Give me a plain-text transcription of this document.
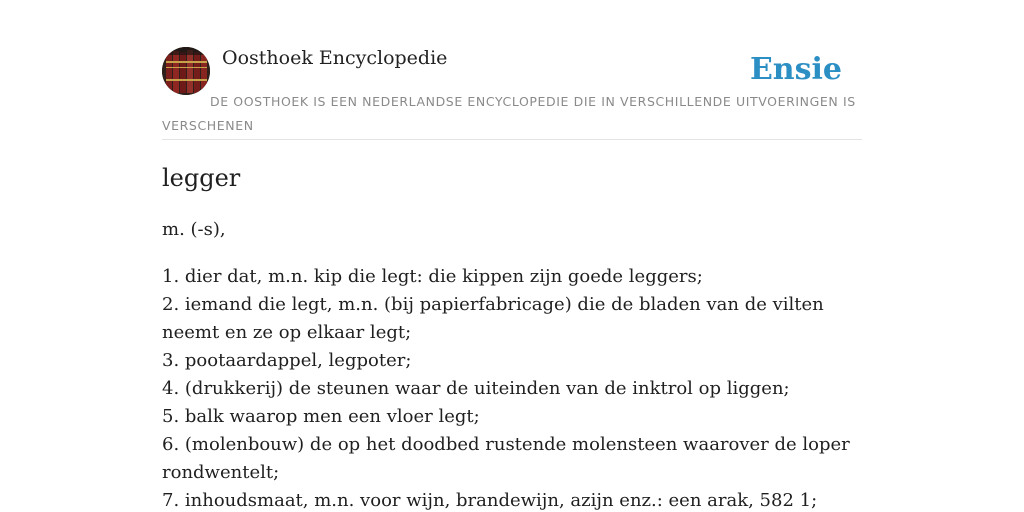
Oosthoek Encyclopedie	Ensie
DE OOSTHOEK IS EEN NEDERLANDSE ENCYCLOPEDIE DIE IN VERSCHILLENDE UITVOERINGEN IS VERSCHENEN
legger

m. (-s),

1. dier dat, m.n. kip die legt: die kippen zijn goede leggers;
2. iemand die legt, m.n. (bij papierfabricage) die de bladen van de vilten neemt en ze op elkaar legt;
3. pootaardappel, legpoter;
4. (drukkerij) de steunen waar de uiteinden van de inktrol op liggen;
5. balk waarop men een vloer legt;
6. (molenbouw) de op het doodbed rustende molensteen waarover de loper rondwentelt;
7. inhoudsmaat, m.n. voor wijn, brandewijn, azijn enz.: een arak, 582 1;
